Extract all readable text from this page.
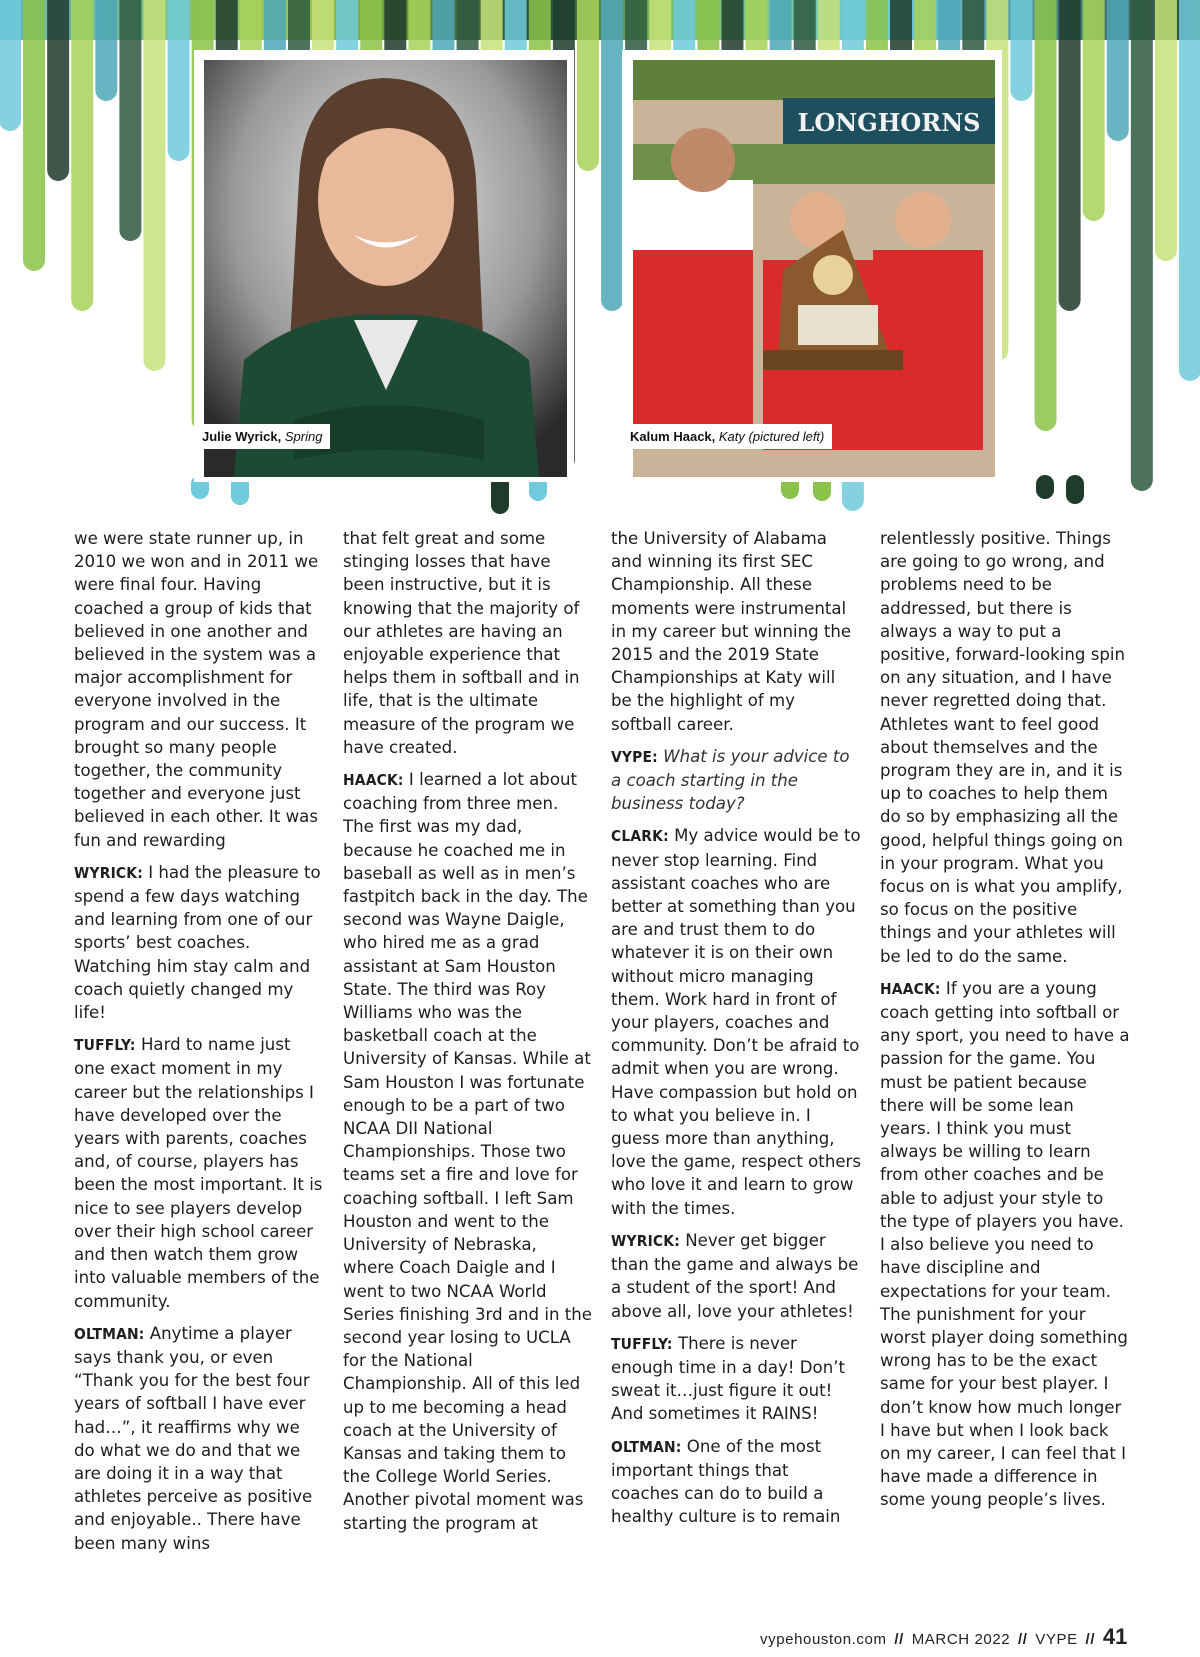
Julie Wyrick, Spring
LONGHORNS
Kalum Haack, Katy (pictured left)

we were state runner up, in 2010 we won and in 2011 we were final four. Having coached a group of kids that believed in one another and believed in the system was a major accomplishment for everyone involved in the program and our success. It brought so many people together, the community together and everyone just believed in each other. It was fun and rewarding

WYRICK: I had the pleasure to spend a few days watching and learning from one of our sports’ best coaches. Watching him stay calm and coach quietly changed my life!

TUFFLY: Hard to name just one exact moment in my career but the relationships I have developed over the years with parents, coaches and, of course, players has been the most important. It is nice to see players develop over their high school career and then watch them grow into valuable members of the community.

OLTMAN: Anytime a player says thank you, or even “Thank you for the best four years of softball I have ever had…”, it reaffirms why we do what we do and that we are doing it in a way that athletes perceive as positive and enjoyable.. There have been many wins

that felt great and some stinging losses that have been instructive, but it is knowing that the majority of our athletes are having an enjoyable experience that helps them in softball and in life, that is the ultimate measure of the program we have created.

HAACK: I learned a lot about coaching from three men. The first was my dad, because he coached me in baseball as well as in men’s fastpitch back in the day. The second was Wayne Daigle, who hired me as a grad assistant at Sam Houston State. The third was Roy Williams who was the basketball coach at the University of Kansas. While at Sam Houston I was fortunate enough to be a part of two NCAA DII National Championships. Those two teams set a fire and love for coaching softball. I left Sam Houston and went to the University of Nebraska, where Coach Daigle and I went to two NCAA World Series finishing 3rd and in the second year losing to UCLA for the National Championship. All of this led up to me becoming a head coach at the University of Kansas and taking them to the College World Series. Another pivotal moment was starting the program at

the University of Alabama and winning its first SEC Championship. All these moments were instrumental in my career but winning the 2015 and the 2019 State Championships at Katy will be the highlight of my softball career.

VYPE: What is your advice to a coach starting in the business today?

CLARK: My advice would be to never stop learning. Find assistant coaches who are better at something than you are and trust them to do whatever it is on their own without micro managing them. Work hard in front of your players, coaches and community. Don’t be afraid to admit when you are wrong. Have compassion but hold on to what you believe in. I guess more than anything, love the game, respect others who love it and learn to grow with the times.

WYRICK: Never get bigger than the game and always be a student of the sport! And above all, love your athletes!

TUFFLY: There is never enough time in a day! Don’t sweat it…just figure it out! And sometimes it RAINS!

OLTMAN: One of the most important things that coaches can do to build a healthy culture is to remain

relentlessly positive. Things are going to go wrong, and problems need to be addressed, but there is always a way to put a positive, forward-looking spin on any situation, and I have never regretted doing that. Athletes want to feel good about themselves and the program they are in, and it is up to coaches to help them do so by emphasizing all the good, helpful things going on in your program. What you focus on is what you amplify, so focus on the positive things and your athletes will be led to do the same.

HAACK: If you are a young coach getting into softball or any sport, you need to have a passion for the game. You must be patient because there will be some lean years. I think you must always be willing to learn from other coaches and be able to adjust your style to the type of players you have. I also believe you need to have discipline and expectations for your team. The punishment for your worst player doing something wrong has to be the exact same for your best player. I don’t know how much longer I have but when I look back on my career, I can feel that I have made a difference in some young people’s lives.

vypehouston.com // MARCH 2022 // VYPE // 41
